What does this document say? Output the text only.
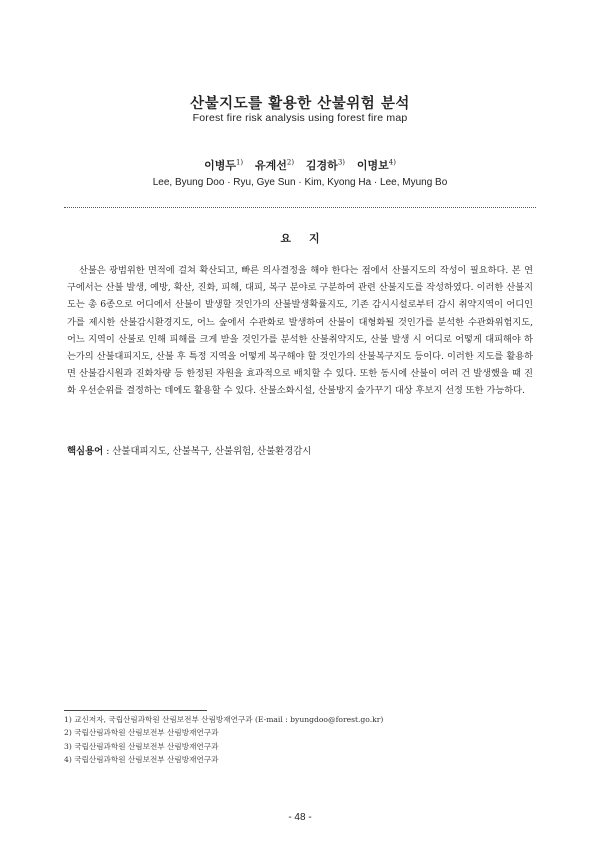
산불지도를 활용한 산불위험 분석
Forest fire risk analysis using forest fire map
이병두$^{1)}$ 유계선$^{2)}$ 김경하$^{3)}$ 이명보$^{4)}$
Lee, Byung Doo · Ryu, Gye Sun · Kim, Kyong Ha · Lee, Myung Bo
요지
산불은 광범위한 면적에 걸쳐 확산되고, 빠른 의사결정을 해야 한다는 점에서 산불지도의 작성이 필요하다. 본 연구에서는 산불 발생, 예방, 확산, 진화, 피해, 대피, 복구 분야로 구분하여 관련 산불지도를 작성하였다. 이러한 산불지도는 총 6종으로 어디에서 산불이 발생할 것인가의 산불발생확률지도, 기존 감시시설로부터 감시 취약지역이 어디인가를 제시한 산불감시환경지도, 어느 숲에서 수관화로 발생하여 산불이 대형화될 것인가를 분석한 수관화위험지도, 어느 지역이 산불로 인해 피해를 크게 받을 것인가를 분석한 산불취약지도, 산불 발생 시 어디로 어떻게 대피해야 하는가의 산불대피지도, 산불 후 특정 지역을 어떻게 복구해야 할 것인가의 산불복구지도 등이다. 이러한 지도를 활용하면 산불감시원과 진화차량 등 한정된 자원을 효과적으로 배치할 수 있다. 또한 동시에 산불이 여러 건 발생했을 때 진화 우선순위를 결정하는 데에도 활용할 수 있다. 산불소화시설, 산불방지 숲가꾸기 대상 후보지 선정 또한 가능하다.
핵심용어 : 산불대피지도, 산불복구, 산불위험, 산불환경감시
1) 교신저자, 국립산림과학원 산림보전부 산림방재연구과 (E-mail : byungdoo@forest.go.kr)
2) 국립산림과학원 산림보전부 산림방재연구과
3) 국립산림과학원 산림보전부 산림방재연구과
4) 국립산림과학원 산림보전부 산림방재연구과
- 48 -
